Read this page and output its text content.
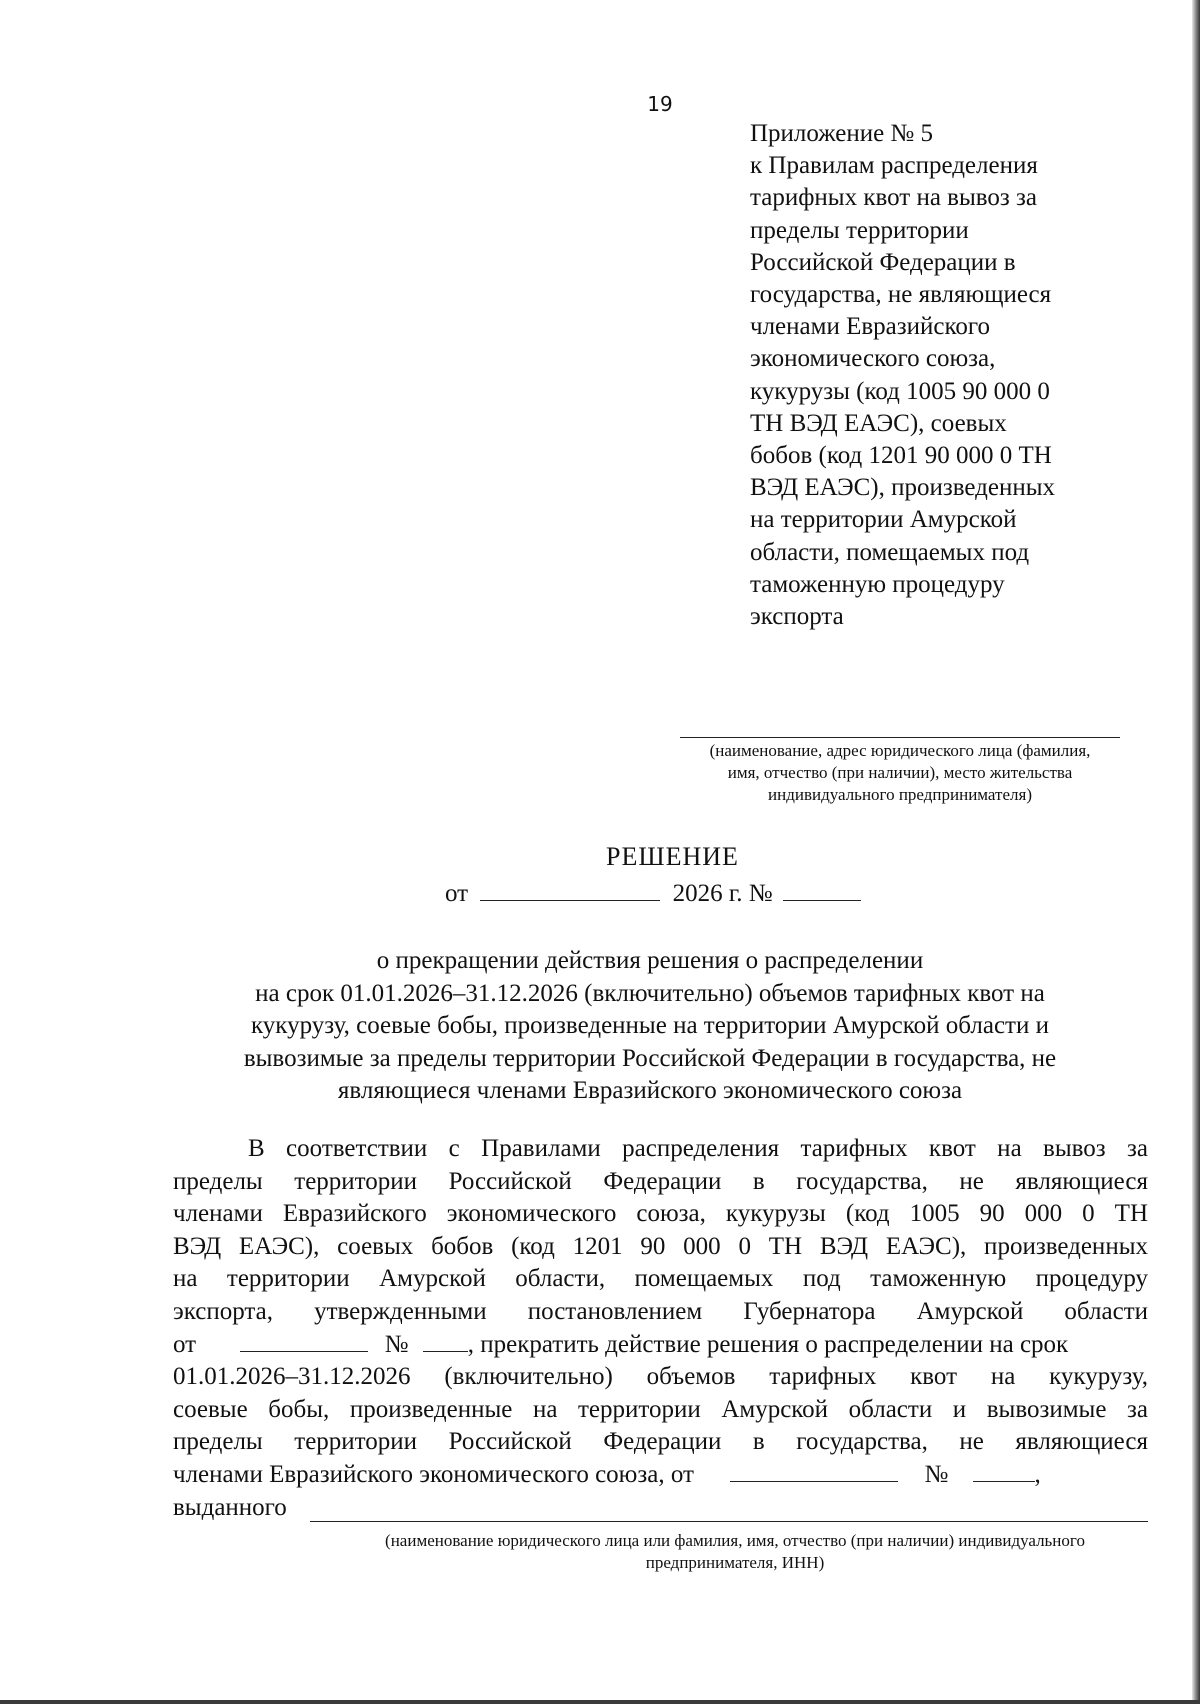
19
Приложение № 5
к Правилам распределения
тарифных квот на вывоз за
пределы территории
Российской Федерации в
государства, не являющиеся
членами Евразийского
экономического союза,
кукурузы (код 1005 90 000 0
ТН ВЭД ЕАЭС), соевых
бобов (код 1201 90 000 0 ТН
ВЭД ЕАЭС), произведенных
на территории Амурской
области, помещаемых под
таможенную процедуру
экспорта
(наименование, адрес юридического лица (фамилия,
имя, отчество (при наличии), место жительства
индивидуального предпринимателя)
РЕШЕНИЕ
от	2026 г. №
о прекращении действия решения о распределении
на срок 01.01.2026–31.12.2026 (включительно) объемов тарифных квот на
кукурузу, соевые бобы, произведенные на территории Амурской области и
вывозимые за пределы территории Российской Федерации в государства, не
являющиеся членами Евразийского экономического союза
В соответствии с Правилами распределения тарифных квот на вывоз за
пределы территории Российской Федерации в государства, не являющиеся
членами Евразийского экономического союза, кукурузы (код 1005 90 000 0 ТН
ВЭД ЕАЭС), соевых бобов (код 1201 90 000 0 ТН ВЭД ЕАЭС), произведенных
на территории Амурской области, помещаемых под таможенную процедуру
экспорта, утвержденными постановлением Губернатора Амурской области
от	№ , прекратить действие решения о распределении на срок
01.01.2026–31.12.2026 (включительно) объемов тарифных квот на кукурузу,
соевые бобы, произведенные на территории Амурской области и вывозимые за
пределы территории Российской Федерации в государства, не являющиеся
членами Евразийского экономического союза, от	№	,
выданного
(наименование юридического лица или фамилия, имя, отчество (при наличии) индивидуального
предпринимателя, ИНН)
